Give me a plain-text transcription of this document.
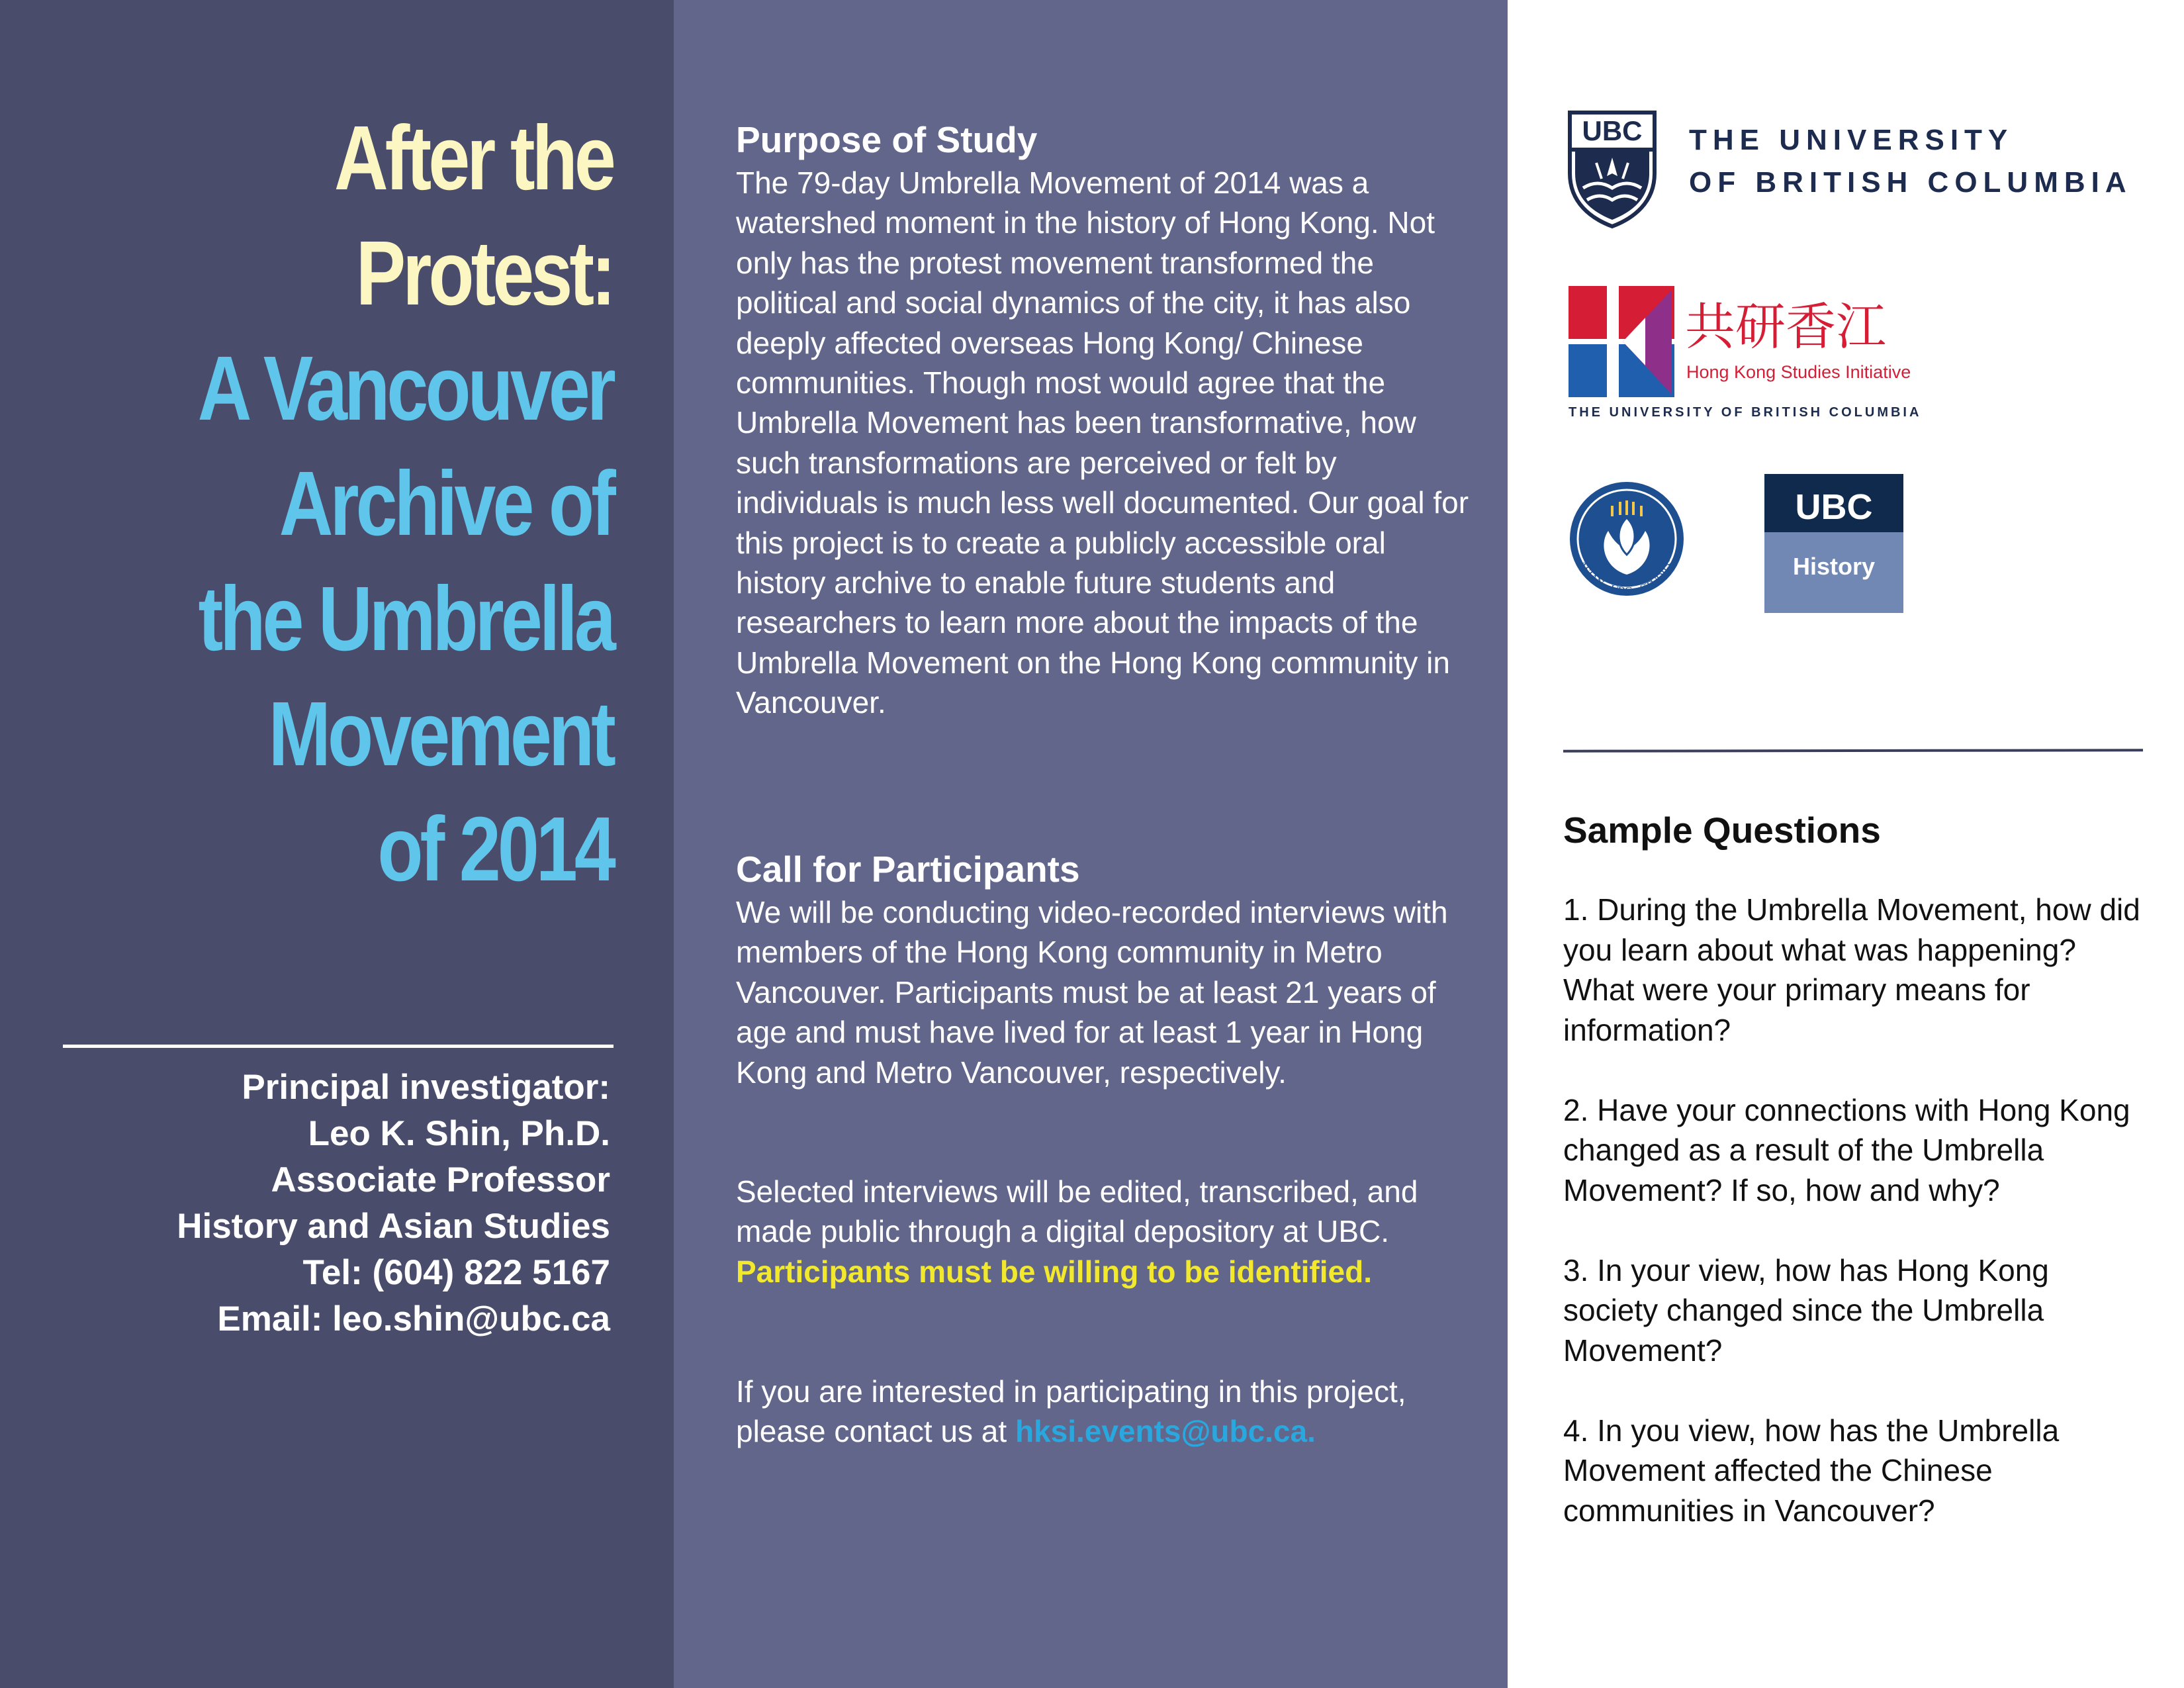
After the
Protest:
A Vancouver
Archive of
the Umbrella
Movement
of 2014
Principal investigator:
Leo K. Shin, Ph.D.
Associate Professor
History and Asian Studies
Tel: (604) 822 5167
Email: leo.shin@ubc.ca
Purpose of Study

The 79-day Umbrella Movement of 2014 was a watershed moment in the history of Hong Kong. Not only has the protest movement transformed the political and social dynamics of the city, it has also deeply affected overseas Hong Kong/ Chinese communities. Though most would agree that the Umbrella Movement has been transformative, how such transformations are perceived or felt by individuals is much less well documented. Our goal for this project is to create a publicly accessible oral history archive to enable future students and researchers to learn more about the impacts of the Umbrella Movement on the Hong Kong community in Vancouver.

Call for Participants

We will be conducting video-recorded interviews with members of the Hong Kong community in Metro Vancouver. Participants must be at least 21 years of age and must have lived for at least 1 year in Hong Kong and Metro Vancouver, respectively.

Selected interviews will be edited, transcribed, and made public through a digital depository at UBC. Participants must be willing to be identified.

If you are interested in participating in this project, please contact us at hksi.events@ubc.ca.

UBC THE UNIVERSITY
OF BRITISH COLUMBIA
共研香江
Hong Kong Studies Initiative
THE UNIVERSITY OF BRITISH COLUMBIA
ASIAN • UBC • STUDIES
UBC
History
Sample Questions
1. During the Umbrella Movement, how did you learn about what was happening? What were your primary means for information?
2. Have your connections with Hong Kong changed as a result of the Umbrella Movement? If so, how and why?
3. In your view, how has Hong Kong society changed since the Umbrella Movement?
4. In you view, how has the Umbrella Movement affected the Chinese communities in Vancouver?
